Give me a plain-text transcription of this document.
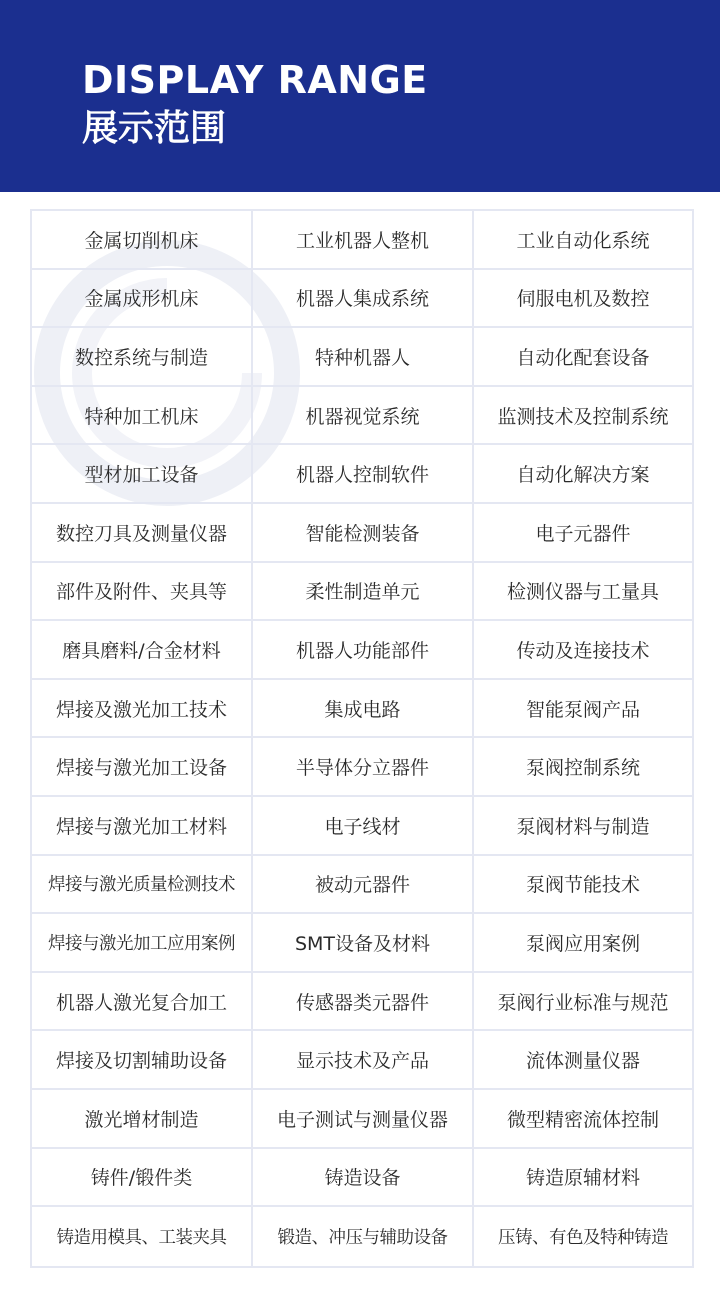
DISPLAY RANGE
展示范围
金属切削机床	工业机器人整机	工业自动化系统
金属成形机床	机器人集成系统	伺服电机及数控
数控系统与制造	特种机器人	自动化配套设备
特种加工机床	机器视觉系统	监测技术及控制系统
型材加工设备	机器人控制软件	自动化解决方案
数控刀具及测量仪器	智能检测装备	电子元器件
部件及附件、夹具等	柔性制造单元	检测仪器与工量具
磨具磨料/合金材料	机器人功能部件	传动及连接技术
焊接及激光加工技术	集成电路	智能泵阀产品
焊接与激光加工设备	半导体分立器件	泵阀控制系统
焊接与激光加工材料	电子线材	泵阀材料与制造
焊接与激光质量检测技术	被动元器件	泵阀节能技术
焊接与激光加工应用案例	SMT设备及材料	泵阀应用案例
机器人激光复合加工	传感器类元器件	泵阀行业标准与规范
焊接及切割辅助设备	显示技术及产品	流体测量仪器
激光增材制造	电子测试与测量仪器	微型精密流体控制
铸件/锻件类	铸造设备	铸造原辅材料
铸造用模具、工装夹具	锻造、冲压与辅助设备	压铸、有色及特种铸造
